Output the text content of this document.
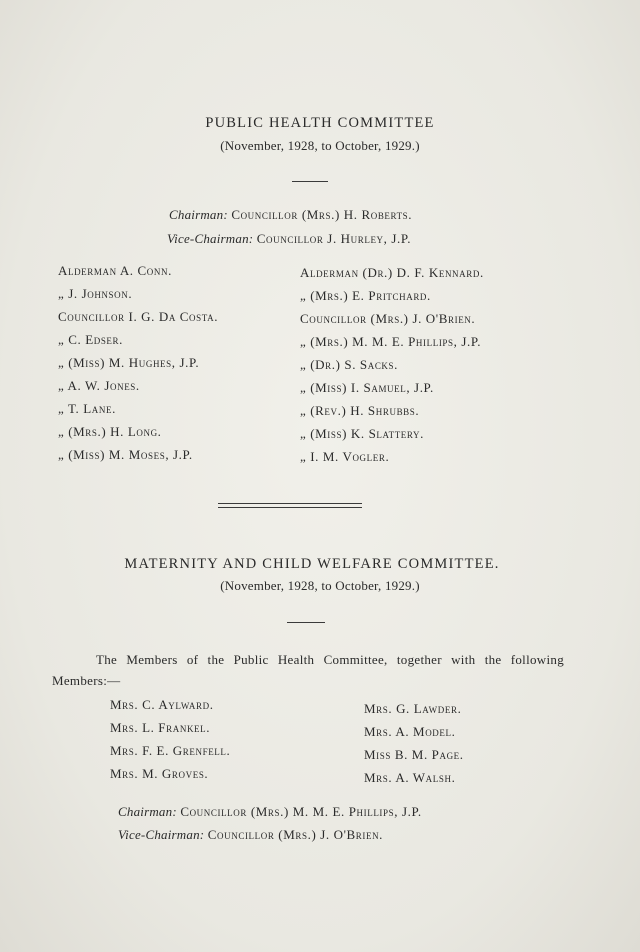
PUBLIC HEALTH COMMITTEE
(November, 1928, to October, 1929.)
Chairman: Councillor (Mrs.) H. Roberts.
Vice-Chairman: Councillor J. Hurley, J.P.
Alderman A. Conn.
„ J. Johnson.
Councillor I. G. Da Costa.
„ C. Edser.
„ (Miss) M. Hughes, J.P.
„ A. W. Jones.
„ T. Lane.
„ (Mrs.) H. Long.
„ (Miss) M. Moses, J.P.
Alderman (Dr.) D. F. Kennard.
„ (Mrs.) E. Pritchard.
Councillor (Mrs.) J. O'Brien.
„ (Mrs.) M. M. E. Phillips, J.P.
„ (Dr.) S. Sacks.
„ (Miss) I. Samuel, J.P.
„ (Rev.) H. Shrubbs.
„ (Miss) K. Slattery.
„ I. M. Vogler.
MATERNITY AND CHILD WELFARE COMMITTEE.
(November, 1928, to October, 1929.)
The Members of the Public Health Committee, together with the following Members:—
Mrs. C. Aylward.
Mrs. L. Frankel.
Mrs. F. E. Grenfell.
Mrs. M. Groves.
Mrs. G. Lawder.
Mrs. A. Model.
Miss B. M. Page.
Mrs. A. Walsh.
Chairman: Councillor (Mrs.) M. M. E. Phillips, J.P.
Vice-Chairman: Councillor (Mrs.) J. O'Brien.
